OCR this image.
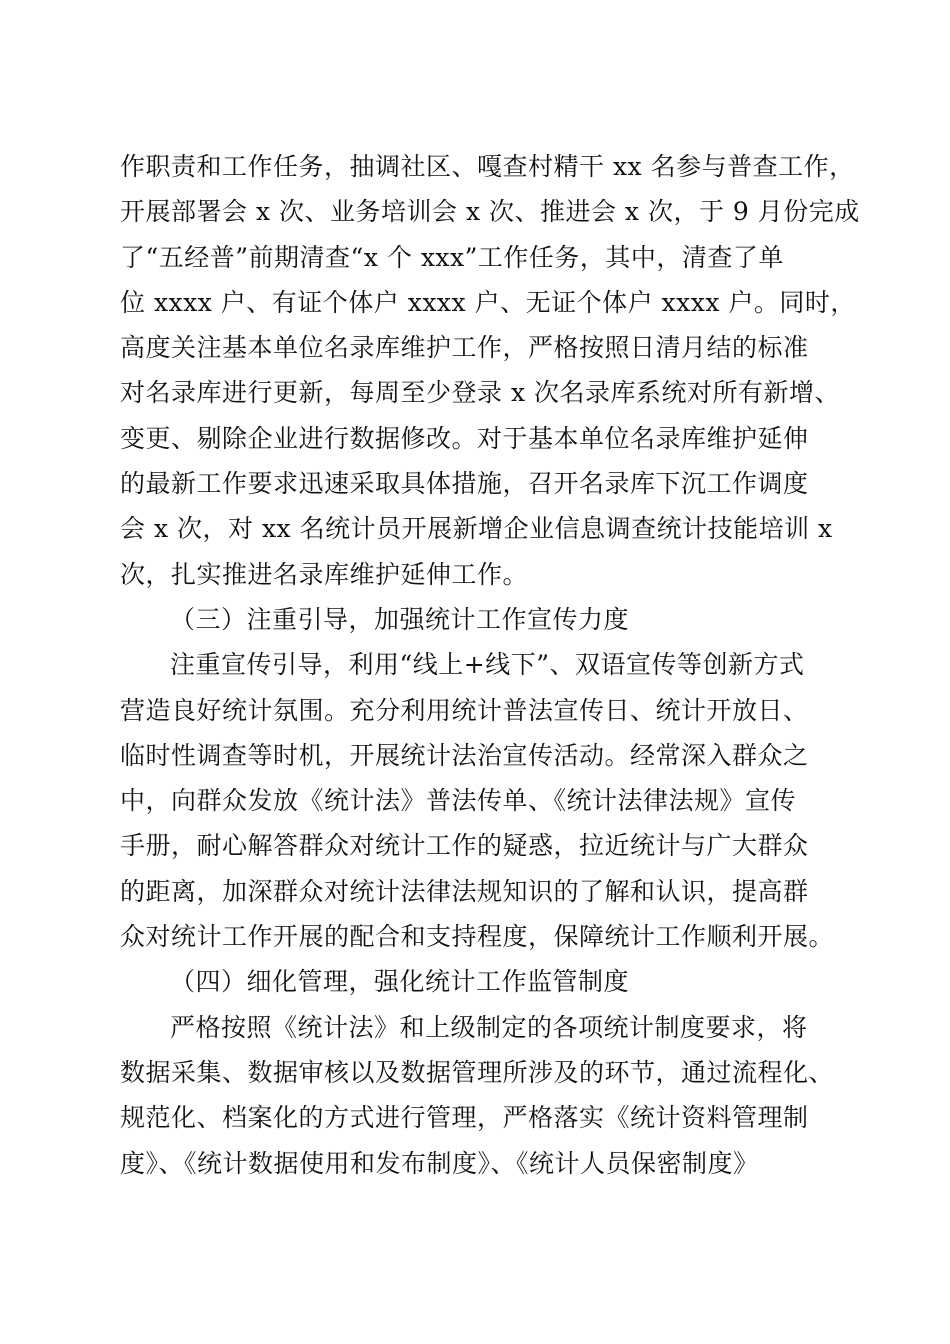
作职责和工作任务，抽调社区、嘎查村精干 xx 名参与普查工作，
开展部署会 x 次、业务培训会 x 次、推进会 x 次，于 9 月份完成
了“五经普”前期清查“x 个 xxx”工作任务，其中，清查了单
位 xxxx 户、有证个体户 xxxx 户、无证个体户 xxxx 户。同时，
高度关注基本单位名录库维护工作，严格按照日清月结的标准
对名录库进行更新，每周至少登录 x 次名录库系统对所有新增、
变更、剔除企业进行数据修改。对于基本单位名录库维护延伸
的最新工作要求迅速采取具体措施，召开名录库下沉工作调度
会 x 次，对 xx 名统计员开展新增企业信息调查统计技能培训 x
次，扎实推进名录库维护延伸工作。
（三）注重引导，加强统计工作宣传力度
注重宣传引导，利用“线上+线下”、双语宣传等创新方式
营造良好统计氛围。充分利用统计普法宣传日、统计开放日、
临时性调查等时机，开展统计法治宣传活动。经常深入群众之
中，向群众发放《统计法》普法传单、《统计法律法规》宣传
手册，耐心解答群众对统计工作的疑惑，拉近统计与广大群众
的距离，加深群众对统计法律法规知识的了解和认识，提高群
众对统计工作开展的配合和支持程度，保障统计工作顺利开展。
（四）细化管理，强化统计工作监管制度
严格按照《统计法》和上级制定的各项统计制度要求，将
数据采集、数据审核以及数据管理所涉及的环节，通过流程化、
规范化、档案化的方式进行管理，严格落实《统计资料管理制
度》、《统计数据使用和发布制度》、《统计人员保密制度》
